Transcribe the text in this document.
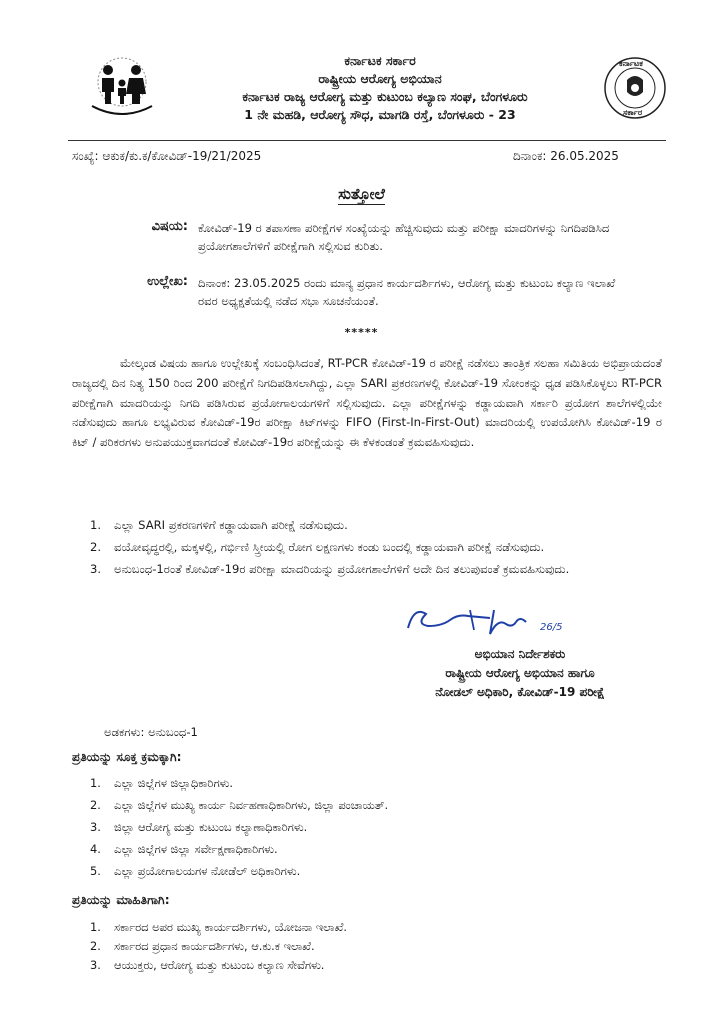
ಕರ್ನಾಟಕ
ಸರ್ಕಾರ
ಕರ್ನಾಟಕ ಸರ್ಕಾರ
ರಾಷ್ಟ್ರೀಯ ಆರೋಗ್ಯ ಅಭಿಯಾನ
ಕರ್ನಾಟಕ ರಾಜ್ಯ ಆರೋಗ್ಯ ಮತ್ತು ಕುಟುಂಬ ಕಲ್ಯಾಣ ಸಂಘ, ಬೆಂಗಳೂರು
1 ನೇ ಮಹಡಿ, ಆರೋಗ್ಯ ಸೌಧ, ಮಾಗಡಿ ರಸ್ತೆ, ಬೆಂಗಳೂರು - 23
ಸಂಖ್ಯೆ: ಆಕುಕ/ಕು.ಕ/ಕೋವಿಡ್-19/21/2025	ದಿನಾಂಕ: 26.05.2025
ಸುತ್ತೋಲೆ
ವಿಷಯ: ಕೋವಿಡ್-19 ರ ತಪಾಸಣಾ ಪರೀಕ್ಷೆಗಳ ಸಂಖ್ಯೆಯನ್ನು ಹೆಚ್ಚಿಸುವುದು ಮತ್ತು ಪರೀಕ್ಷಾ ಮಾದರಿಗಳನ್ನು ನಿಗದಿಪಡಿಸಿದ ಪ್ರಯೋಗಶಾಲೆಗಳಿಗೆ ಪರೀಕ್ಷೆಗಾಗಿ ಸಲ್ಲಿಸುವ ಕುರಿತು.
ಉಲ್ಲೇಖ: ದಿನಾಂಕ: 23.05.2025 ರಂದು ಮಾನ್ಯ ಪ್ರಧಾನ ಕಾರ್ಯದರ್ಶಿಗಳು, ಆರೋಗ್ಯ ಮತ್ತು ಕುಟುಂಬ ಕಲ್ಯಾಣ ಇಲಾಖೆ ರವರ ಅಧ್ಯಕ್ಷತೆಯಲ್ಲಿ ನಡೆದ ಸಭಾ ಸೂಚನೆಯಂತೆ.
*****
ಮೇಲ್ಕಂಡ ವಿಷಯ ಹಾಗೂ ಉಲ್ಲೇಖಕ್ಕೆ ಸಂಬಂಧಿಸಿದಂತೆ, RT-PCR ಕೋವಿಡ್-19 ರ ಪರೀಕ್ಷೆ ನಡೆಸಲು ತಾಂತ್ರಿಕ ಸಲಹಾ ಸಮಿತಿಯ ಅಭಿಪ್ರಾಯದಂತೆ ರಾಜ್ಯದಲ್ಲಿ ದಿನ ನಿತ್ಯ 150 ರಿಂದ 200 ಪರೀಕ್ಷೆಗೆ ನಿಗದಿಪಡಿಸಲಾಗಿದ್ದು, ಎಲ್ಲಾ SARI ಪ್ರಕರಣಗಳಲ್ಲಿ ಕೋವಿಡ್-19 ಸೋಂಕನ್ನು ಧೃಡ ಪಡಿಸಿಕೊಳ್ಳಲು RT-PCR ಪರೀಕ್ಷೆಗಾಗಿ ಮಾದರಿಯನ್ನು ನಿಗದಿ ಪಡಿಸಿರುವ ಪ್ರಯೋಗಾಲಯಗಳಿಗೆ ಸಲ್ಲಿಸುವುದು. ಎಲ್ಲಾ ಪರೀಕ್ಷೆಗಳನ್ನು ಕಡ್ಡಾಯವಾಗಿ ಸರ್ಕಾರಿ ಪ್ರಯೋಗ ಶಾಲೆಗಳಲ್ಲಿಯೇ ನಡೆಸುವುದು ಹಾಗೂ ಲಭ್ಯವಿರುವ ಕೋವಿಡ್-19ರ ಪರೀಕ್ಷಾ ಕಿಟ್‌ಗಳನ್ನು FIFO (First-In-First-Out) ಮಾದರಿಯಲ್ಲಿ ಉಪಯೋಗಿಸಿ ಕೋವಿಡ್-19 ರ ಕಿಟ್ / ಪರಿಕರಗಳು ಅನುಪಯುಕ್ತವಾಗದಂತೆ ಕೋವಿಡ್-19ರ ಪರೀಕ್ಷೆಯನ್ನು ಈ ಕೆಳಕಂಡಂತೆ ಕ್ರಮವಹಿಸುವುದು.
1. ಎಲ್ಲಾ SARI ಪ್ರಕರಣಗಳಿಗೆ ಕಡ್ಡಾಯವಾಗಿ ಪರೀಕ್ಷೆ ನಡೆಸುವುದು.
2. ವಯೋವೃದ್ಧರಲ್ಲಿ, ಮಕ್ಕಳಲ್ಲಿ, ಗರ್ಭಿಣಿ ಸ್ತ್ರೀಯಲ್ಲಿ ರೋಗ ಲಕ್ಷಣಗಳು ಕಂಡು ಬಂದಲ್ಲಿ ಕಡ್ಡಾಯವಾಗಿ ಪರೀಕ್ಷೆ ನಡೆಸುವುದು.
3. ಅನುಬಂಧ-1ರಂತೆ ಕೋವಿಡ್-19ರ ಪರೀಕ್ಷಾ ಮಾದರಿಯನ್ನು ಪ್ರಯೋಗಶಾಲೆಗಳಿಗೆ ಅದೇ ದಿನ ತಲುಪುವಂತೆ ಕ್ರಮವಹಿಸುವುದು.
26/5
ಅಭಿಯಾನ ನಿರ್ದೇಶಕರು
ರಾಷ್ಟ್ರೀಯ ಆರೋಗ್ಯ ಅಭಿಯಾನ ಹಾಗೂ
ನೋಡಲ್ ಅಧಿಕಾರಿ, ಕೋವಿಡ್-19 ಪರೀಕ್ಷೆ
ಅಡಕಗಳು: ಅನುಬಂಧ-1
ಪ್ರತಿಯನ್ನು ಸೂಕ್ತ ಕ್ರಮಕ್ಕಾಗಿ:
1. ಎಲ್ಲಾ ಜಿಲ್ಲೆಗಳ ಜಿಲ್ಲಾಧಿಕಾರಿಗಳು.
2. ಎಲ್ಲಾ ಜಿಲ್ಲೆಗಳ ಮುಖ್ಯ ಕಾರ್ಯ ನಿರ್ವಹಣಾಧಿಕಾರಿಗಳು, ಜಿಲ್ಲಾ ಪಂಚಾಯತ್.
3. ಜಿಲ್ಲಾ ಆರೋಗ್ಯ ಮತ್ತು ಕುಟುಂಬ ಕಲ್ಯಾಣಾಧಿಕಾರಿಗಳು.
4. ಎಲ್ಲಾ ಜಿಲ್ಲೆಗಳ ಜಿಲ್ಲಾ ಸರ್ವೇಕ್ಷಣಾಧಿಕಾರಿಗಳು.
5. ಎಲ್ಲಾ ಪ್ರಯೋಗಾಲಯಗಳ ನೋಡೆಲ್ ಅಧಿಕಾರಿಗಳು.
ಪ್ರತಿಯನ್ನು ಮಾಹಿತಿಗಾಗಿ:
1. ಸರ್ಕಾರದ ಅಪರ ಮುಖ್ಯ ಕಾರ್ಯದರ್ಶಿಗಳು, ಯೋಜನಾ ಇಲಾಖೆ.
2. ಸರ್ಕಾರದ ಪ್ರಧಾನ ಕಾರ್ಯದರ್ಶಿಗಳು, ಆ.ಕು.ಕ ಇಲಾಖೆ.
3. ಆಯುಕ್ತರು, ಆರೋಗ್ಯ ಮತ್ತು ಕುಟುಂಬ ಕಲ್ಯಾಣ ಸೇವೆಗಳು.
